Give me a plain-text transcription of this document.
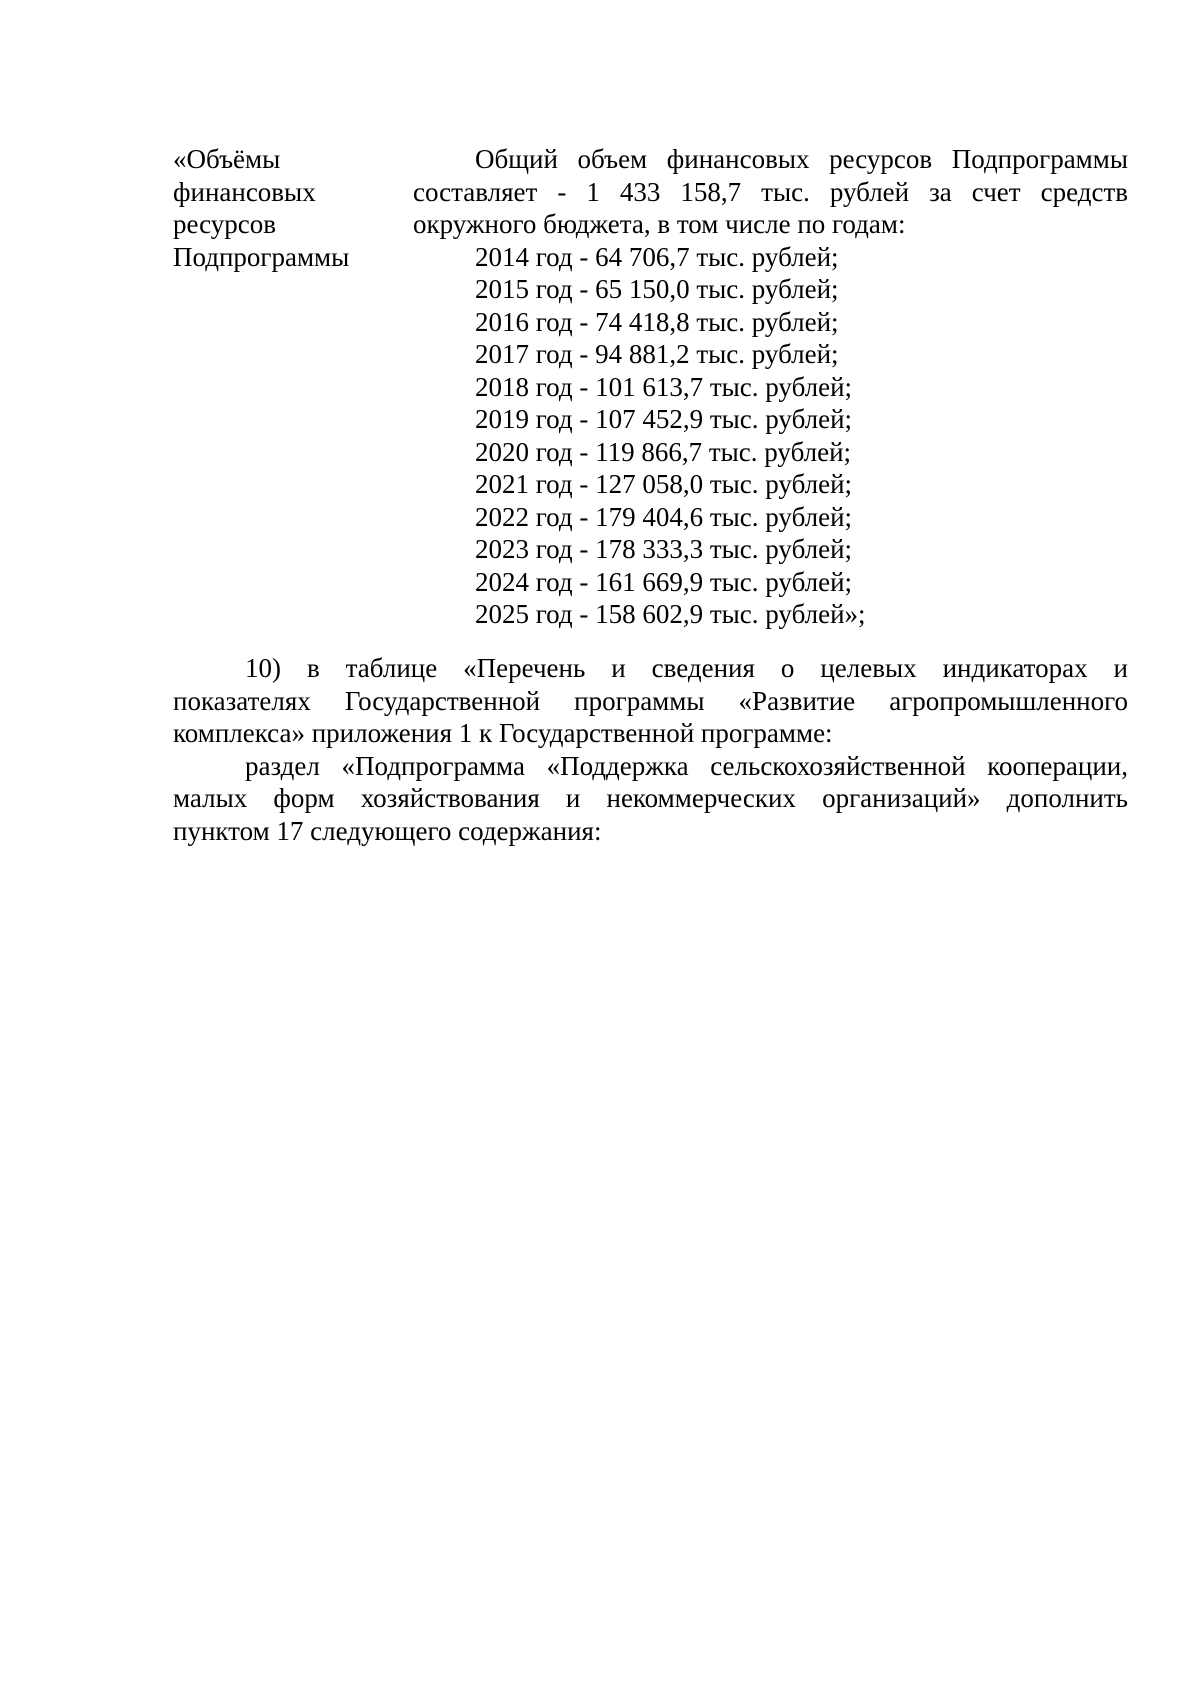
«Объёмы
финансовых
ресурсов
Подпрограммы
Общий объем финансовых ресурсов Подпрограммы
составляет - 1 433 158,7 тыс. рублей за счет средств
окружного бюджета, в том числе по годам:
2014 год - 64 706,7 тыс. рублей;
2015 год - 65 150,0 тыс. рублей;
2016 год - 74 418,8 тыс. рублей;
2017 год - 94 881,2 тыс. рублей;
2018 год - 101 613,7 тыс. рублей;
2019 год - 107 452,9 тыс. рублей;
2020 год - 119 866,7 тыс. рублей;
2021 год - 127 058,0 тыс. рублей;
2022 год - 179 404,6 тыс. рублей;
2023 год - 178 333,3 тыс. рублей;
2024 год - 161 669,9 тыс. рублей;
2025 год - 158 602,9 тыс. рублей»;
10) в таблице «Перечень и сведения о целевых индикаторах и
показателях Государственной программы «Развитие агропромышленного
комплекса» приложения 1 к Государственной программе:
раздел «Подпрограмма «Поддержка сельскохозяйственной кооперации,
малых форм хозяйствования и некоммерческих организаций» дополнить
пунктом 17 следующего содержания:
